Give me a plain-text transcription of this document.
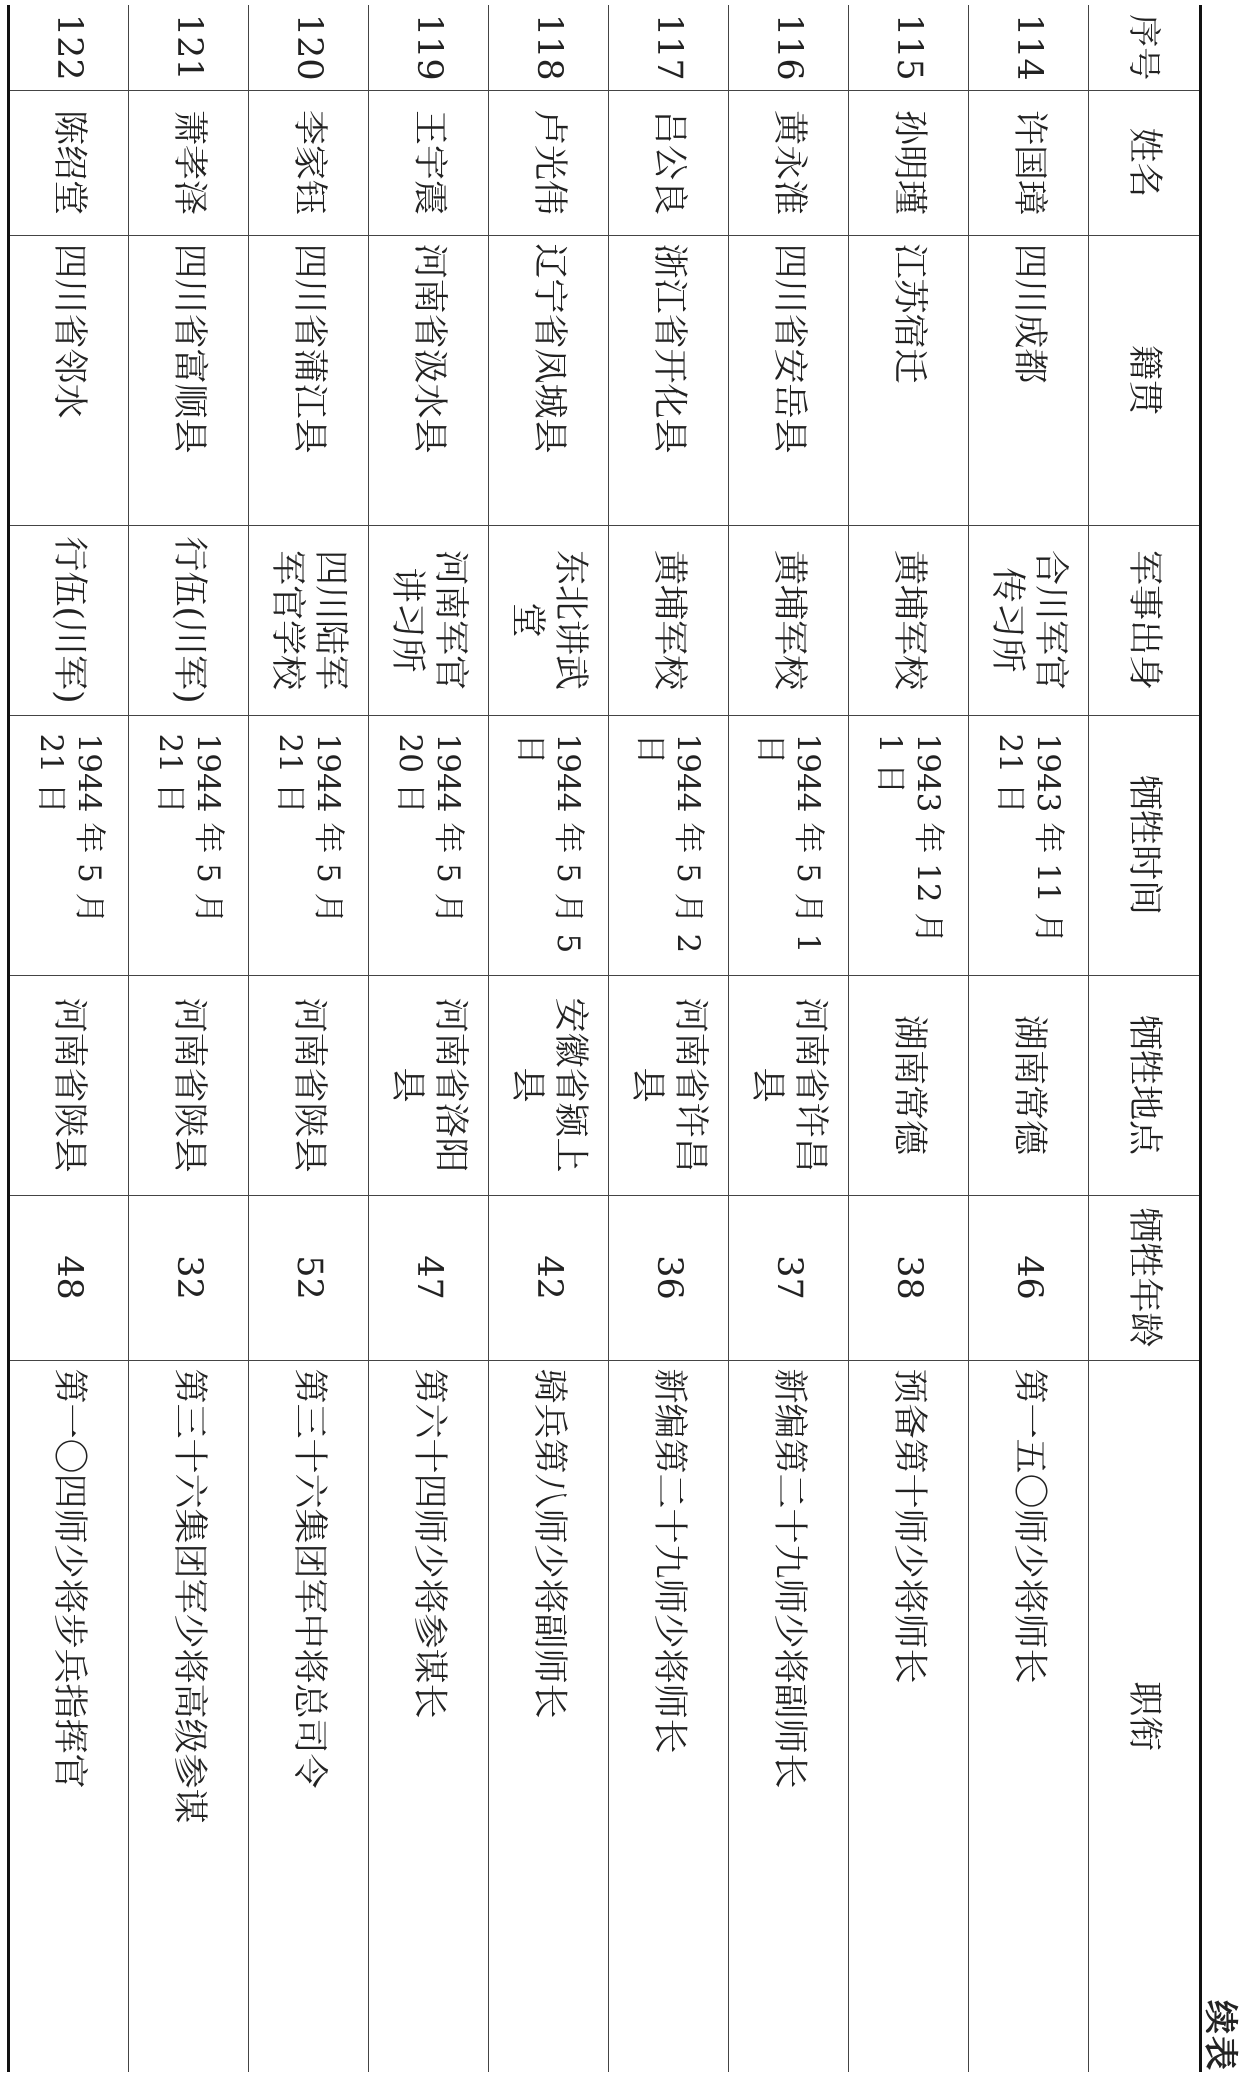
续表
序号	姓名	籍贯	军事出身	牺牲时间	牺牲地点	牺牲年龄	职衔
114	许国璋	四川成都	合川军官传习所	1943 年 11 月 21 日	湖南常德	46	第一五〇师少将师长
115	孙明瑾	江苏宿迁	黄埔军校	1943 年 12 月 1 日	湖南常德	38	预备第十师少将师长
116	黄永淮	四川省安岳县	黄埔军校	1944 年 5 月 1 日	河南省许昌县	37	新编第二十九师少将副师长
117	吕公良	浙江省开化县	黄埔军校	1944 年 5 月 2 日	河南省许昌县	36	新编第二十九师少将师长
118	卢光伟	辽宁省凤城县	东北讲武堂	1944 年 5 月 5 日	安徽省颍上县	42	骑兵第八师少将副师长
119	王宇震	河南省汲水县	河南军官讲习所	1944 年 5 月 20 日	河南省洛阳县	47	第六十四师少将参谋长
120	李家钰	四川省蒲江县	四川陆军军官学校	1944 年 5 月 21 日	河南省陕县	52	第三十六集团军中将总司令
121	萧孝泽	四川省富顺县	行伍(川军)	1944 年 5 月 21 日	河南省陕县	32	第三十六集团军少将高级参谋
122	陈绍堂	四川省邻水	行伍(川军)	1944 年 5 月 21 日	河南省陕县	48	第一〇四师少将步兵指挥官
